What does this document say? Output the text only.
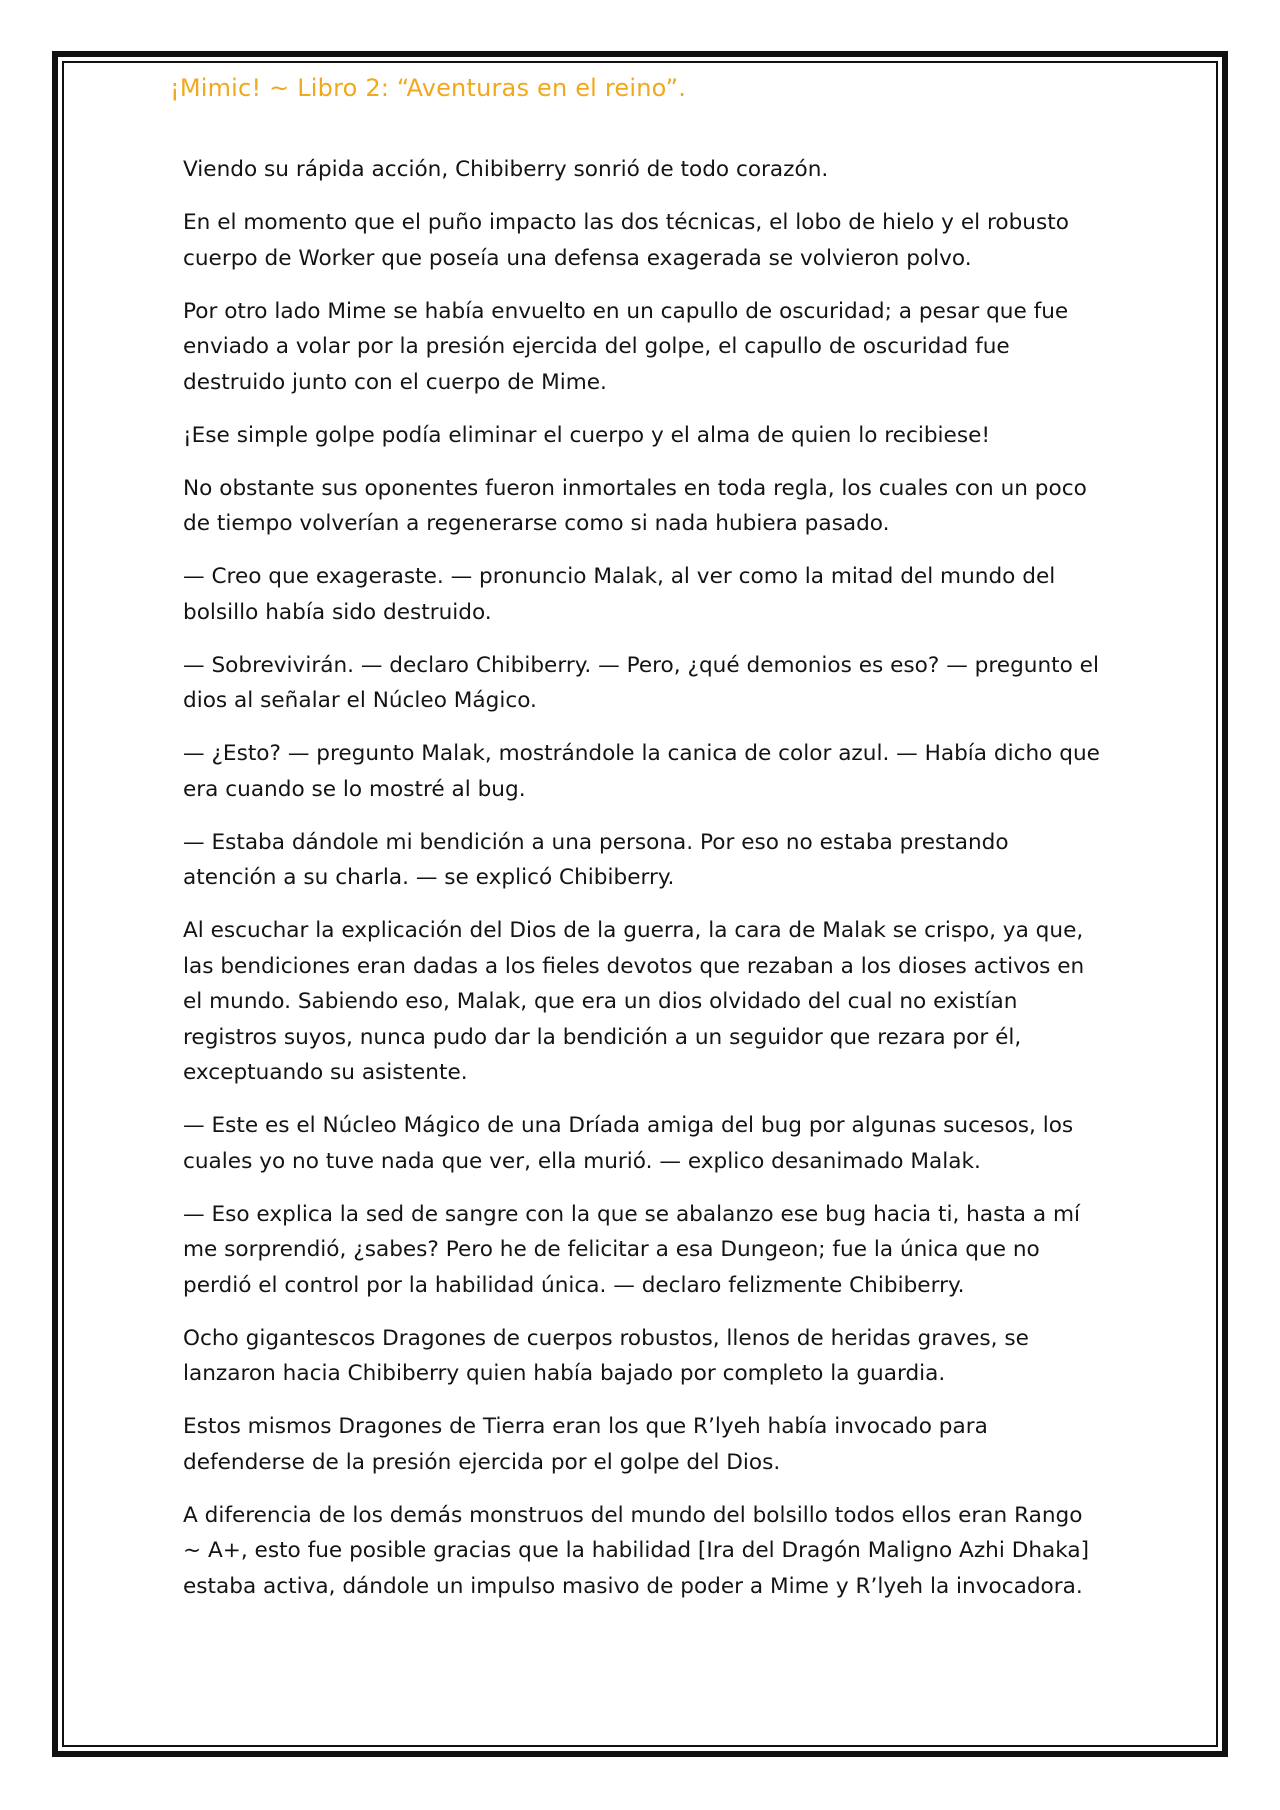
¡Mimic! ~ Libro 2: “Aventuras en el reino”.

Viendo su rápida acción, Chibiberry sonrió de todo corazón.

En el momento que el puño impacto las dos técnicas, el lobo de hielo y el robusto cuerpo de Worker que poseía una defensa exagerada se volvieron polvo.

Por otro lado Mime se había envuelto en un capullo de oscuridad; a pesar que fue enviado a volar por la presión ejercida del golpe, el capullo de oscuridad fue destruido junto con el cuerpo de Mime.

¡Ese simple golpe podía eliminar el cuerpo y el alma de quien lo recibiese!

No obstante sus oponentes fueron inmortales en toda regla, los cuales con un poco de tiempo volverían a regenerarse como si nada hubiera pasado.

— Creo que exageraste. — pronuncio Malak, al ver como la mitad del mundo del bolsillo había sido destruido.

— Sobrevivirán. — declaro Chibiberry. — Pero, ¿qué demonios es eso? — pregunto el dios al señalar el Núcleo Mágico.

— ¿Esto? — pregunto Malak, mostrándole la canica de color azul. — Había dicho que era cuando se lo mostré al bug.

— Estaba dándole mi bendición a una persona. Por eso no estaba prestando atención a su charla. — se explicó Chibiberry.

Al escuchar la explicación del Dios de la guerra, la cara de Malak se crispo, ya que, las bendiciones eran dadas a los fieles devotos que rezaban a los dioses activos en el mundo. Sabiendo eso, Malak, que era un dios olvidado del cual no existían registros suyos, nunca pudo dar la bendición a un seguidor que rezara por él, exceptuando su asistente.

— Este es el Núcleo Mágico de una Dríada amiga del bug por algunas sucesos, los cuales yo no tuve nada que ver, ella murió. — explico desanimado Malak.

— Eso explica la sed de sangre con la que se abalanzo ese bug hacia ti, hasta a mí me sorprendió, ¿sabes? Pero he de felicitar a esa Dungeon; fue la única que no perdió el control por la habilidad única. — declaro felizmente Chibiberry.

Ocho gigantescos Dragones de cuerpos robustos, llenos de heridas graves, se lanzaron hacia Chibiberry quien había bajado por completo la guardia.

Estos mismos Dragones de Tierra eran los que R’lyeh había invocado para defenderse de la presión ejercida por el golpe del Dios.

A diferencia de los demás monstruos del mundo del bolsillo todos ellos eran Rango ~ A+, esto fue posible gracias que la habilidad [Ira del Dragón Maligno Azhi Dhaka] estaba activa, dándole un impulso masivo de poder a Mime y R’lyeh la invocadora.
